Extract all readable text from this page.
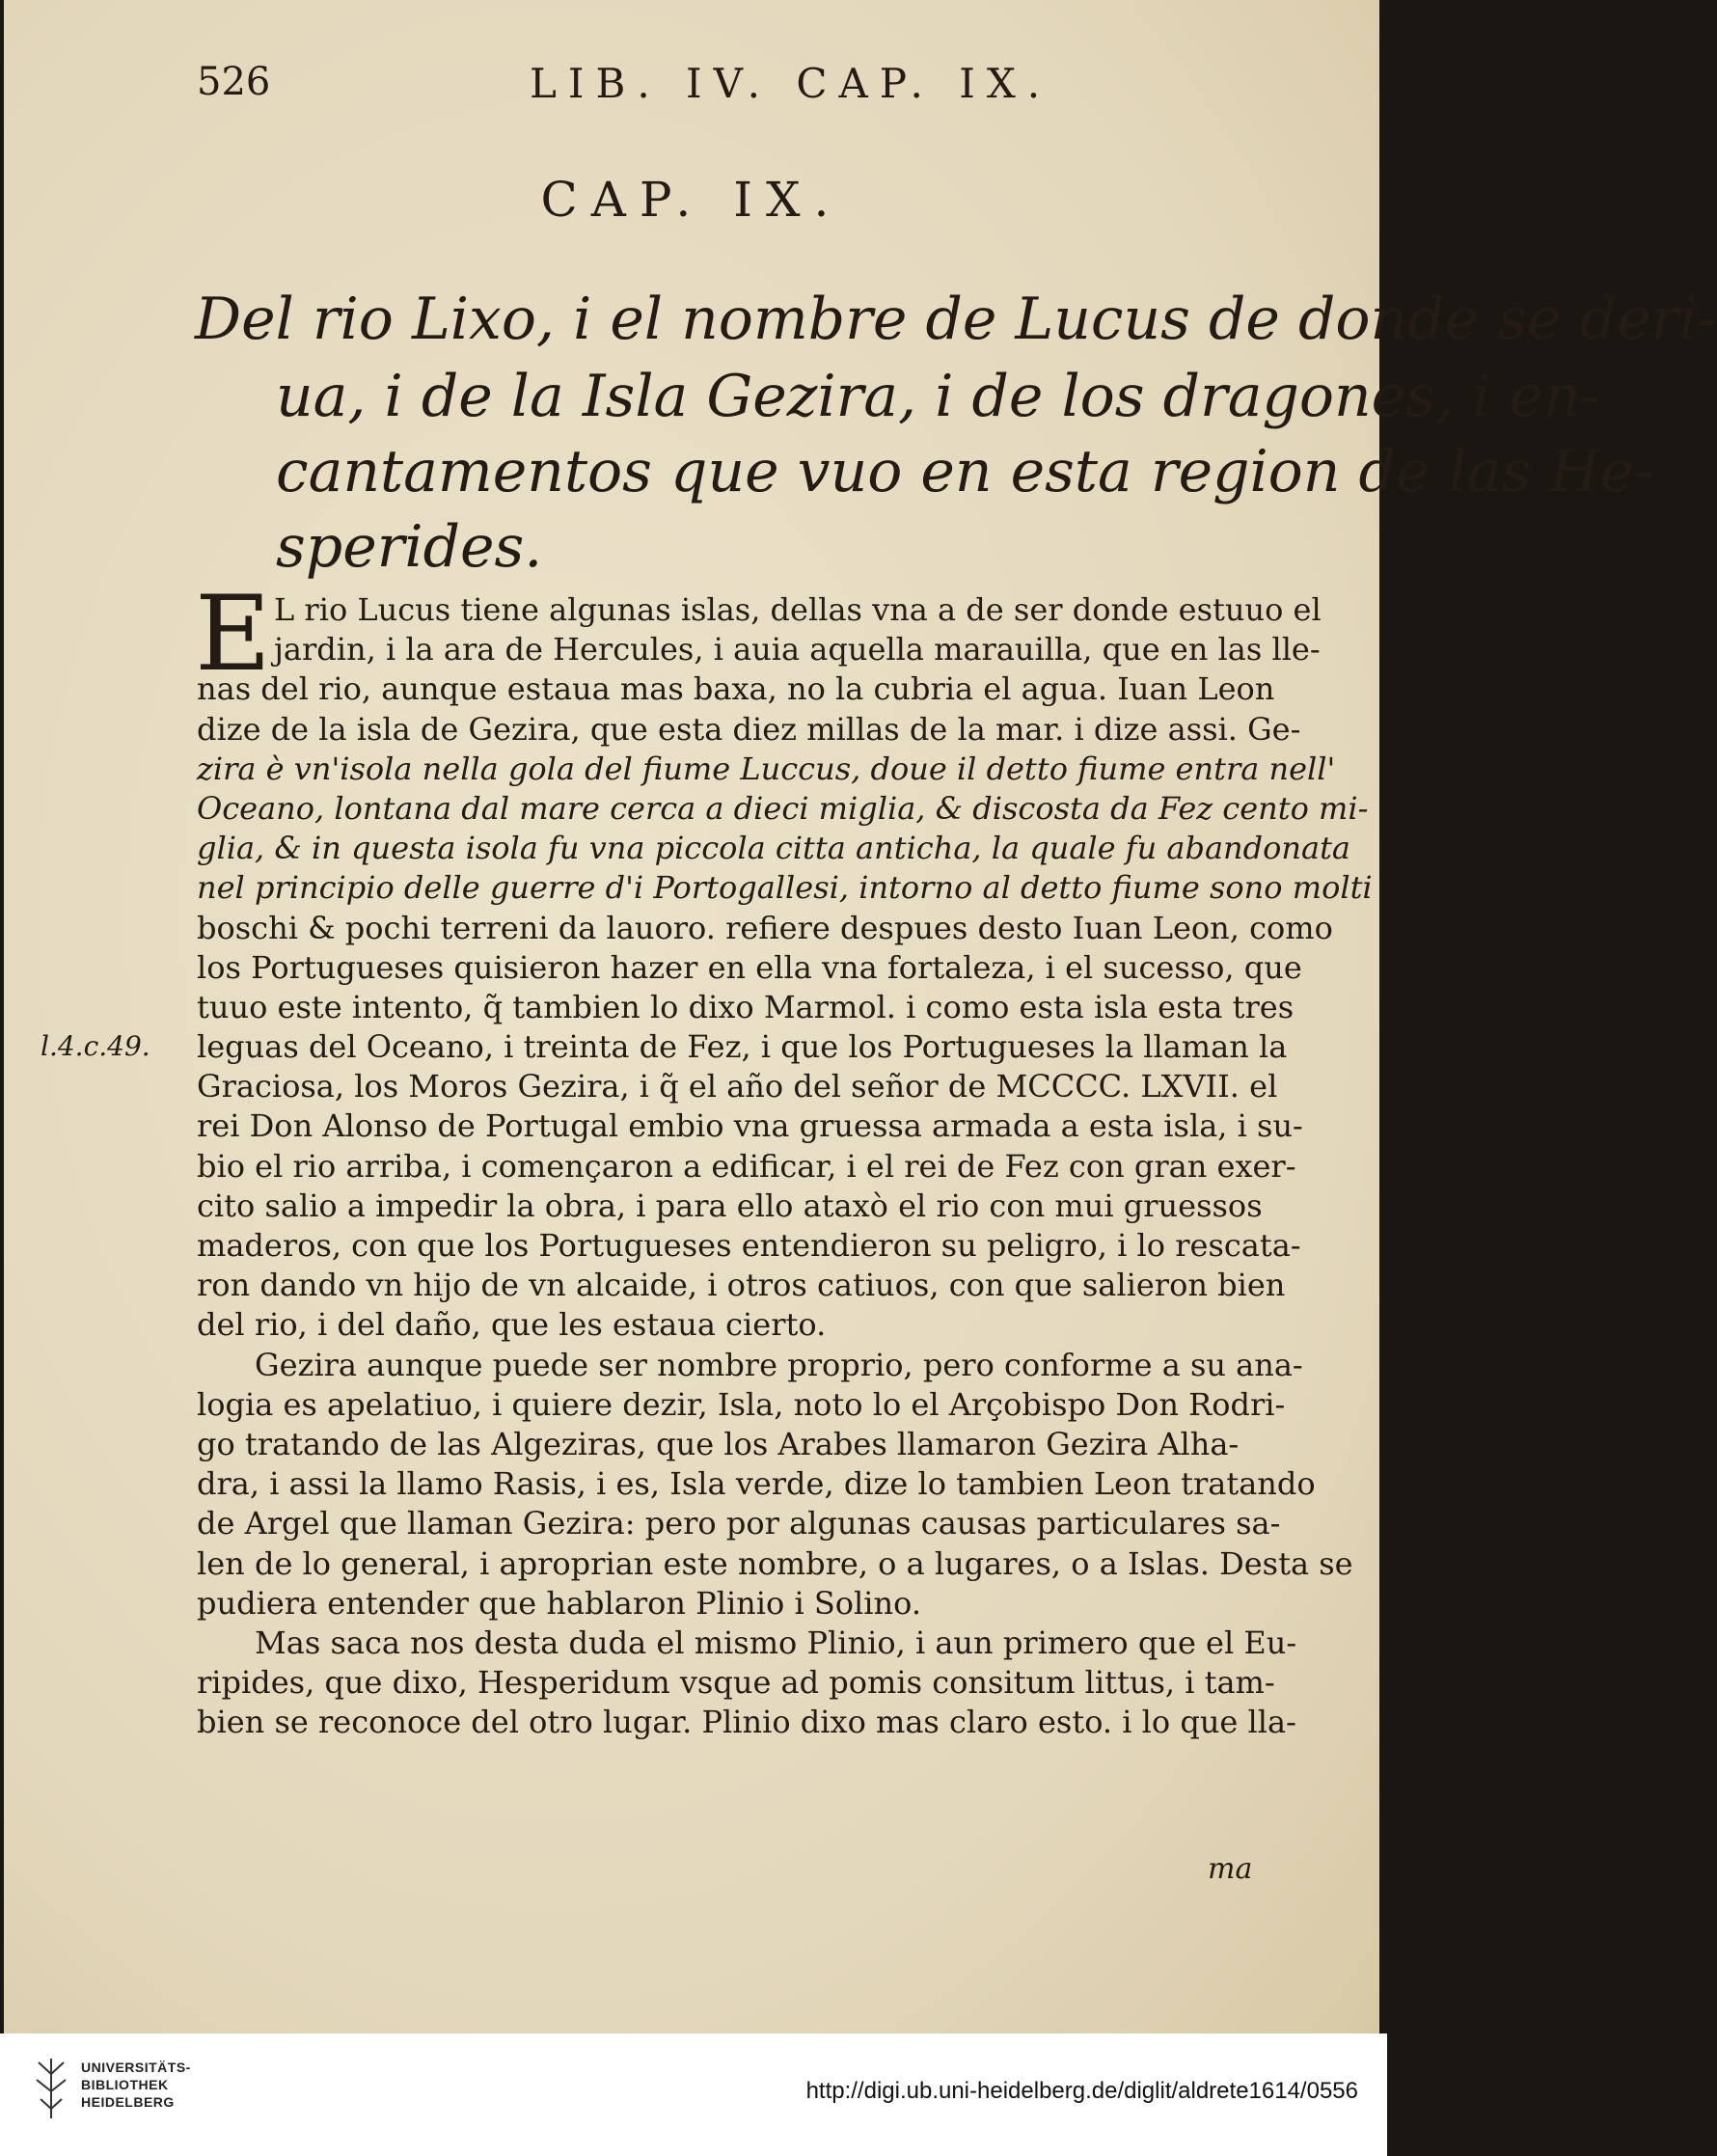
526	LIB. IV. CAP. IX.
CAP. IX.
Del rio Lixo, i el nombre de Lucus de donde se deri-
ua, i de la Isla Gezira, i de los dragones, i en-
cantamentos que vuo en esta region de las He-
sperides.
E L rio Lucus tiene algunas islas, dellas vna a de ser donde estuuo el
jardin, i la ara de Hercules, i auia aquella marauilla, que en las lle-
nas del rio, aunque estaua mas baxa, no la cubria el agua. Iuan Leon
dize de la isla de Gezira, que esta diez millas de la mar. i dize assi. Ge-
zira è vn'isola nella gola del fiume Luccus, doue il detto fiume entra nell'
Oceano, lontana dal mare cerca a dieci miglia, & discosta da Fez cento mi-
glia, & in questa isola fu vna piccola citta anticha, la quale fu abandonata
nel principio delle guerre d'i Portogallesi, intorno al detto fiume sono molti
boschi & pochi terreni da lauoro. refiere despues desto Iuan Leon, como
los Portugueses quisieron hazer en ella vna fortaleza, i el sucesso, que
tuuo este intento, q̃ tambien lo dixo Marmol. i como esta isla esta tres
leguas del Oceano, i treinta de Fez, i que los Portugueses la llaman la
Graciosa, los Moros Gezira, i q̃ el año del señor de MCCCC. LXVII. el
rei Don Alonso de Portugal embio vna gruessa armada a esta isla, i su-
bio el rio arriba, i començaron a edificar, i el rei de Fez con gran exer-
cito salio a impedir la obra, i para ello ataxò el rio con mui gruessos
maderos, con que los Portugueses entendieron su peligro, i lo rescata-
ron dando vn hijo de vn alcaide, i otros catiuos, con que salieron bien
del rio, i del daño, que les estaua cierto.
Gezira aunque puede ser nombre proprio, pero conforme a su ana-
logia es apelatiuo, i quiere dezir, Isla, noto lo el Arçobispo Don Rodri-
go tratando de las Algeziras, que los Arabes llamaron Gezira Alha-
dra, i assi la llamo Rasis, i es, Isla verde, dize lo tambien Leon tratando
de Argel que llaman Gezira: pero por algunas causas particulares sa-
len de lo general, i aproprian este nombre, o a lugares, o a Islas. Desta se
pudiera entender que hablaron Plinio i Solino.
Mas saca nos desta duda el mismo Plinio, i aun primero que el Eu-
ripides, que dixo, Hesperidum vsque ad pomis consitum littus, i tam-
bien se reconoce del otro lugar. Plinio dixo mas claro esto. i lo que lla-
l.4.c.49.
ma
UNIVERSITÄTS-
BIBLIOTHEK
HEIDELBERG	http://digi.ub.uni-heidelberg.de/diglit/aldrete1614/0556
